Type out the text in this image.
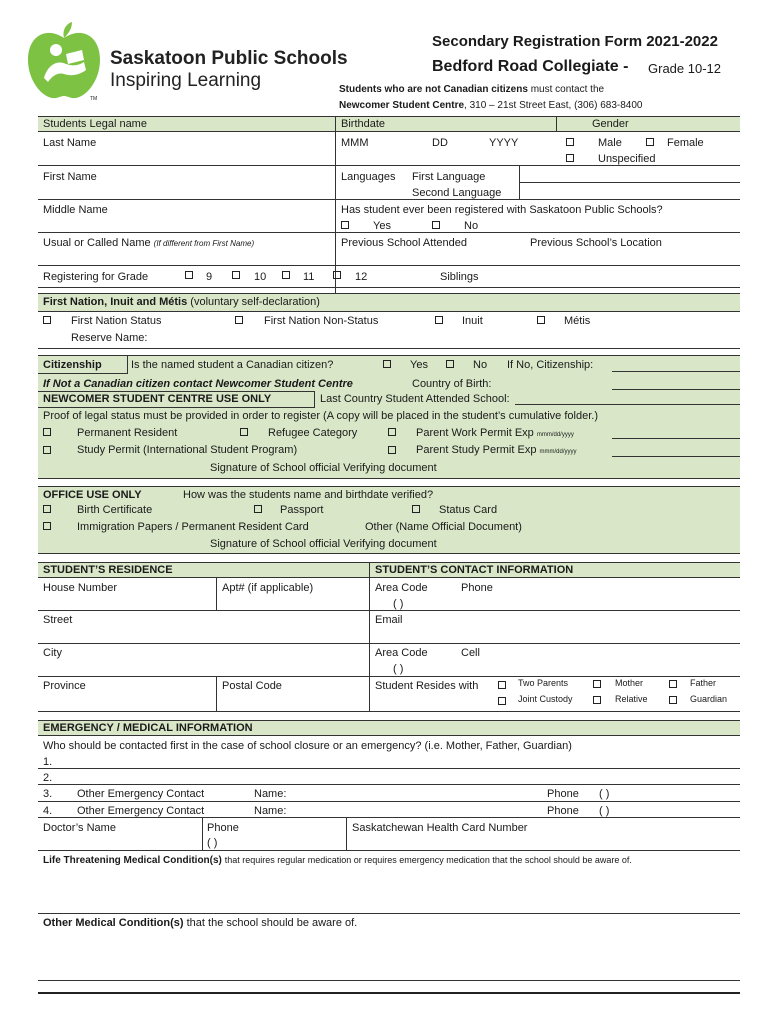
Saskatoon Public Schools
Inspiring Learning
TM
Secondary Registration Form 2021-2022
Bedford Road Collegiate - Grade 10-12
Students who are not Canadian citizens must contact the
Newcomer Student Centre, 310 – 21st Street East, (306) 683-8400
Students Legal name	Birthdate	Gender
Last Name	MMM	DD	YYYY	Male	Female
Unspecified
First Name	Languages First Language
Second Language
Middle Name	Has student ever been registered with Saskatoon Public Schools?
Yes	No
Usual or Called Name (If different from First Name)	Previous School Attended	Previous School’s Location
Registering for Grade	9	10	11	12	Siblings
First Nation, Inuit and Métis (voluntary self-declaration)
First Nation Status	First Nation Non-Status	Inuit	Métis
Reserve Name:
Citizenship	Is the named student a Canadian citizen?	Yes	No If No, Citizenship:
If Not a Canadian citizen contact Newcomer Student Centre	Country of Birth:
NEWCOMER STUDENT CENTRE USE ONLY	Last Country Student Attended School:
Proof of legal status must be provided in order to register (A copy will be placed in the student’s cumulative folder.)
Permanent Resident	Refugee Category	Parent Work Permit Exp mmm/dd/yyyy
Study Permit (International Student Program)	Parent Study Permit Exp mmm/dd/yyyy
Signature of School official Verifying document
OFFICE USE ONLY	How was the students name and birthdate verified?
Birth Certificate	Passport	Status Card
Immigration Papers / Permanent Resident Card	Other (Name Official Document)
Signature of School official Verifying document
STUDENT’S RESIDENCE	STUDENT’S CONTACT INFORMATION
House Number	Apt# (if applicable)	Area Code	Phone
( )
Street	Email
City	Area Code	Cell
( )
Province	Postal Code	Student Resides with	Two Parents	Mother	Father
Joint Custody	Relative	Guardian
EMERGENCY / MEDICAL INFORMATION
Who should be contacted first in the case of school closure or an emergency? (i.e. Mother, Father, Guardian)
1.
2.
3. Other Emergency Contact	Name:	Phone ( )
4. Other Emergency Contact	Name:	Phone ( )
Doctor’s Name	Phone
( )
Saskatchewan Health Card Number
Life Threatening Medical Condition(s) that requires regular medication or requires emergency medication that the school should be aware of.
Other Medical Condition(s) that the school should be aware of.
